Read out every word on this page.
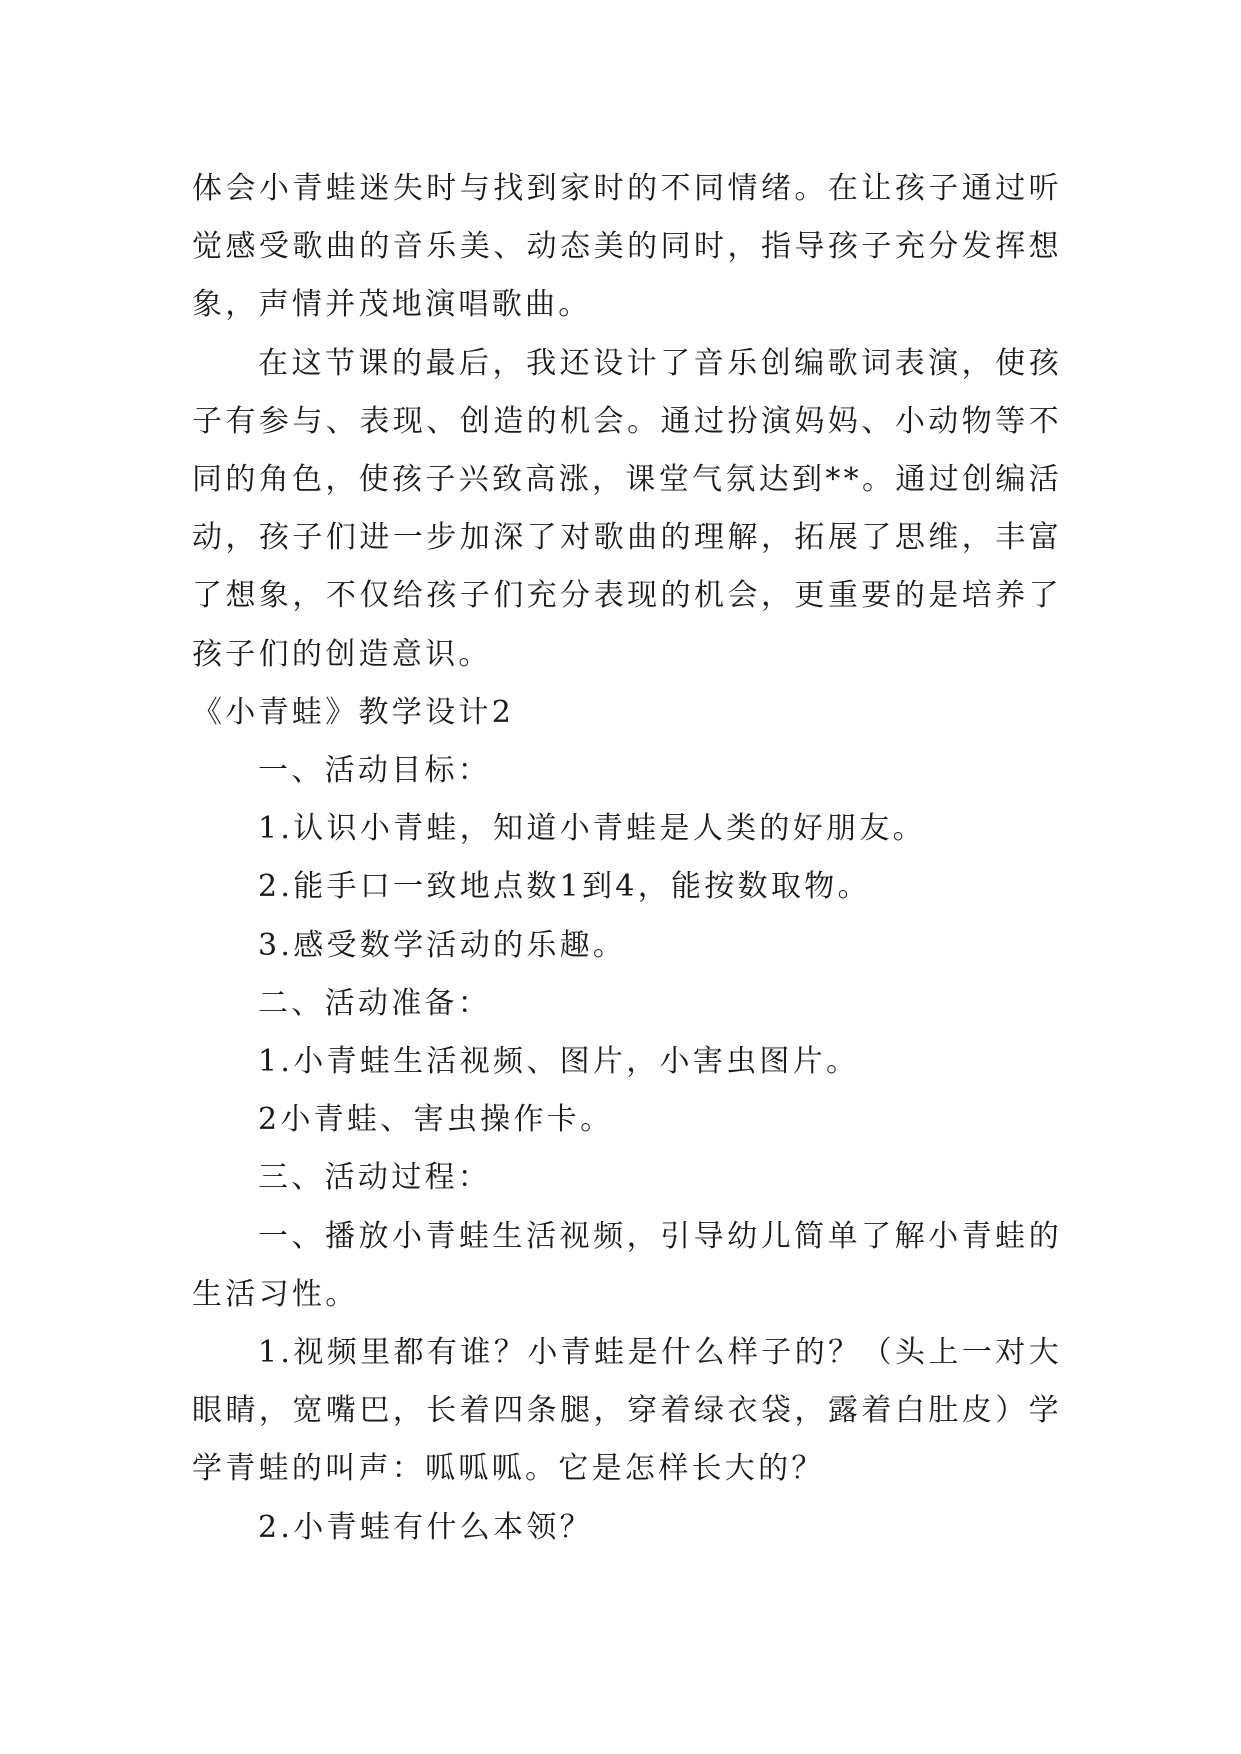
体会小青蛙迷失时与找到家时的不同情绪。在让孩子通过听觉感受歌曲的音乐美、动态美的同时，指导孩子充分发挥想象，声情并茂地演唱歌曲。

在这节课的最后，我还设计了音乐创编歌词表演，使孩子有参与、表现、创造的机会。通过扮演妈妈、小动物等不同的角色，使孩子兴致高涨，课堂气氛达到**。通过创编活动，孩子们进一步加深了对歌曲的理解，拓展了思维，丰富了想象，不仅给孩子们充分表现的机会，更重要的是培养了孩子们的创造意识。

《小青蛙》教学设计2

一、活动目标：

1.认识小青蛙，知道小青蛙是人类的好朋友。

2.能手口一致地点数1到4，能按数取物。

3.感受数学活动的乐趣。

二、活动准备：

1.小青蛙生活视频、图片，小害虫图片。

2小青蛙、害虫操作卡。

三、活动过程：

一、播放小青蛙生活视频，引导幼儿简单了解小青蛙的生活习性。

1.视频里都有谁？小青蛙是什么样子的？（头上一对大眼睛，宽嘴巴，长着四条腿，穿着绿衣袋，露着白肚皮）学学青蛙的叫声：呱呱呱。它是怎样长大的？

2.小青蛙有什么本领？
